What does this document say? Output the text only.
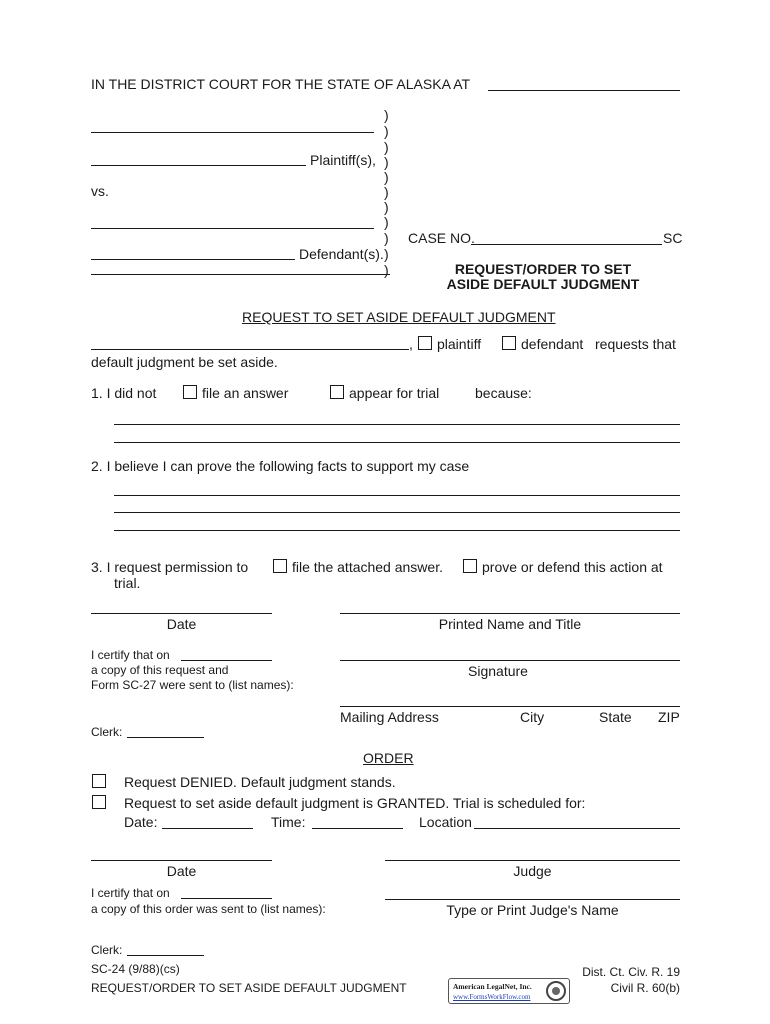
IN THE DISTRICT COURT FOR THE STATE OF ALASKA AT
)
)
)
)
)
)
)
)
)
)
)
Plaintiff(s),
vs.
Defendant(s).
CASE NO.	SC
REQUEST/ORDER TO SET
ASIDE DEFAULT JUDGMENT
REQUEST TO SET ASIDE DEFAULT JUDGMENT
, plaintiff	defendant requests that
default judgment be set aside.
1. I did not	file an answer	appear for trial	because:
2. I believe I can prove the following facts to support my case
3. I request permission to	file the attached answer.	prove or defend this action at
trial.
Date	Printed Name and Title
I certify that on
a copy of this request and
Form SC-27 were sent to (list names):
Signature
Mailing Address	City	State ZIP
Clerk:
ORDER
Request DENIED. Default judgment stands.
Request to set aside default judgment is GRANTED. Trial is scheduled for:
Date:	Time:	Location
Date	Judge
I certify that on
a copy of this order was sent to (list names):	Type or Print Judge's Name
Clerk:
SC-24 (9/88)(cs)
REQUEST/ORDER TO SET ASIDE DEFAULT JUDGMENT
Dist. Ct. Civ. R. 19
Civil R. 60(b)
American LegalNet, Inc.
www.FormsWorkFlow.com
